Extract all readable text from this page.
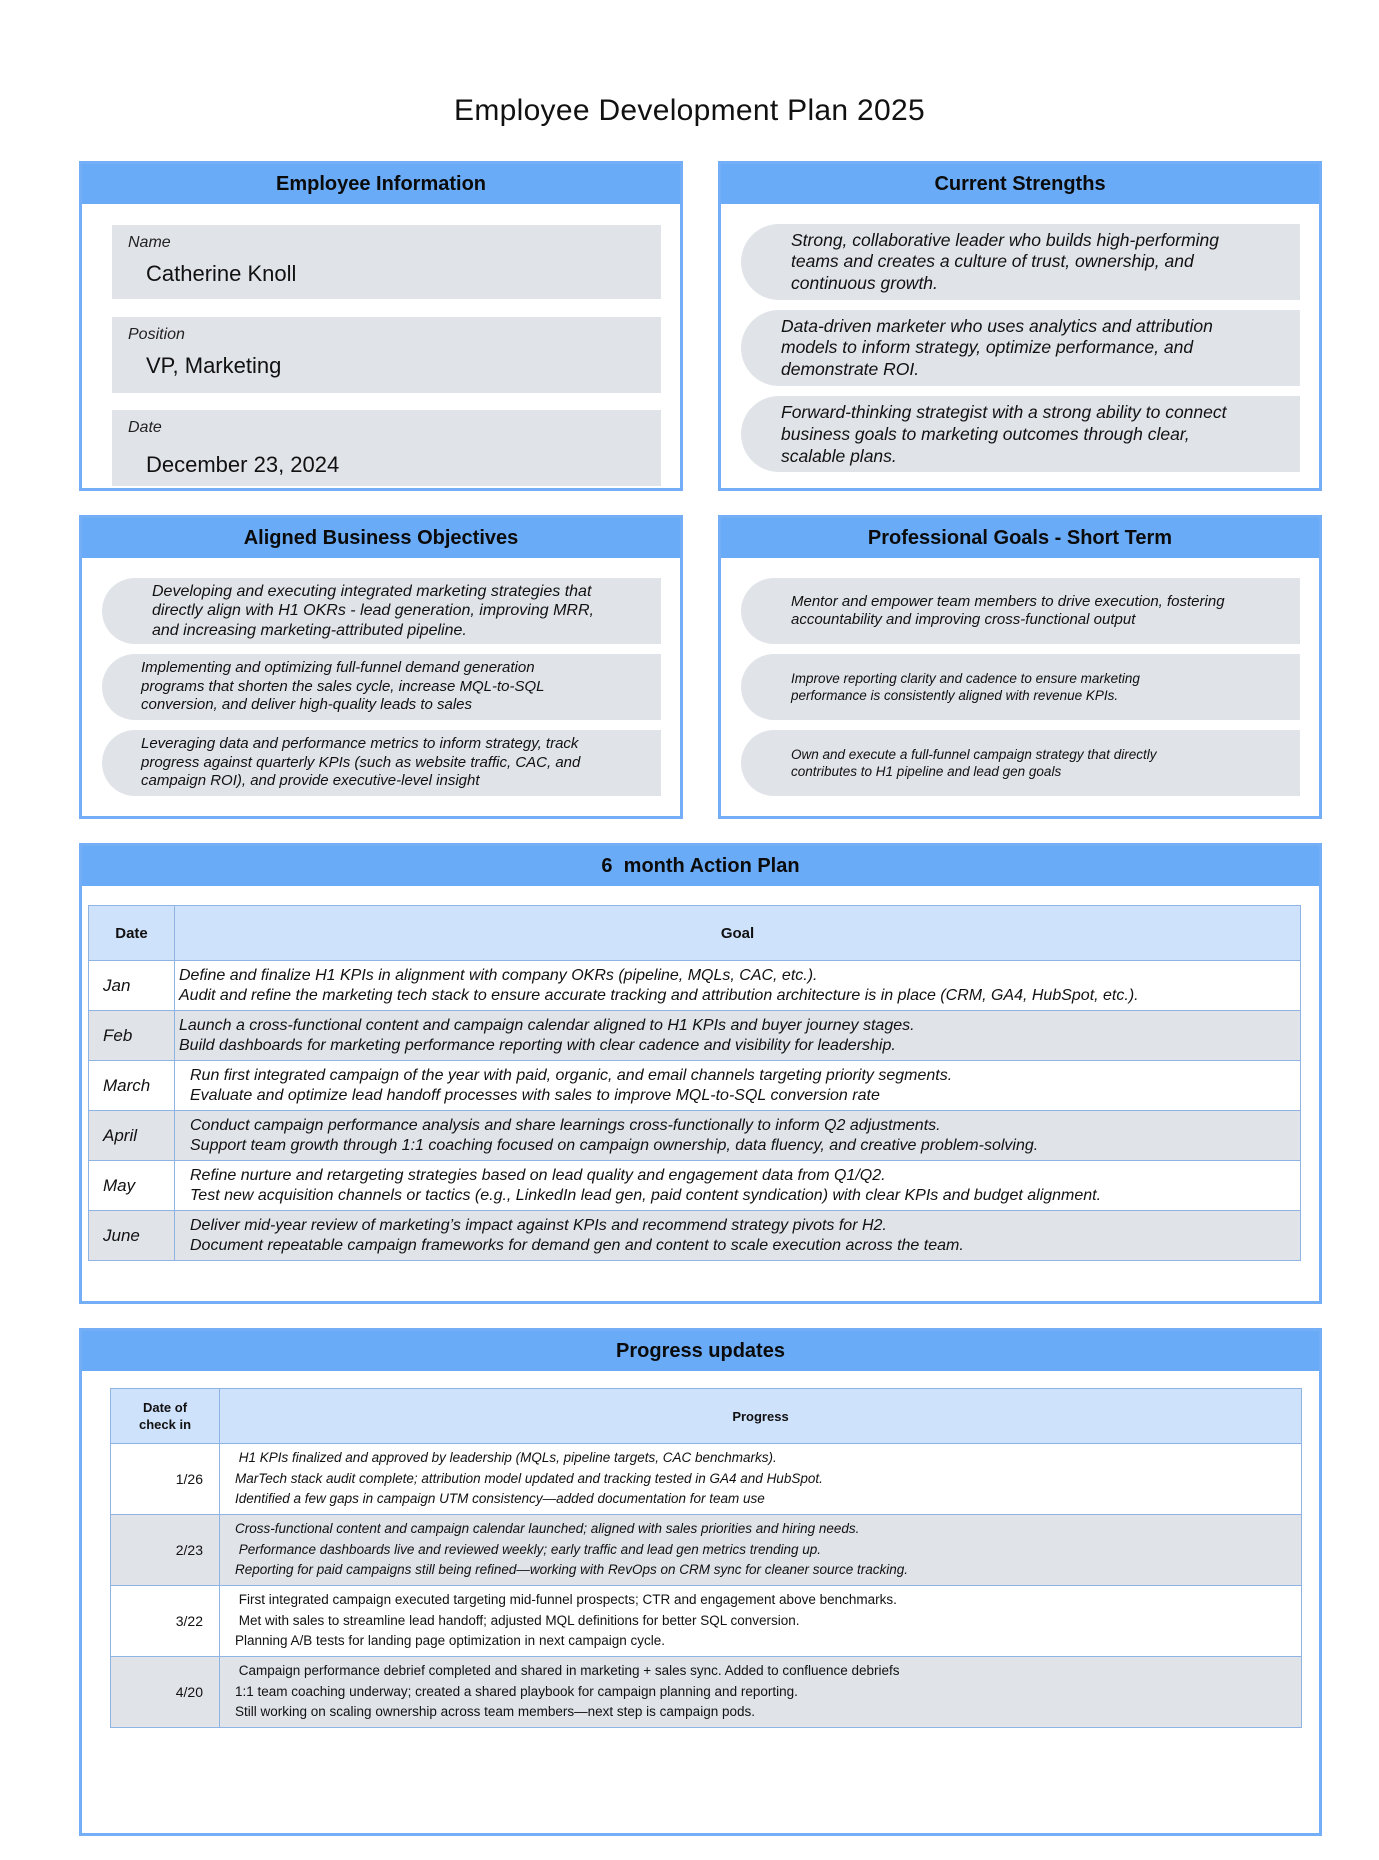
Employee Development Plan 2025
Employee Information
Name
Catherine Knoll
Position
VP, Marketing
Date
December 23, 2024
Current Strengths
Strong, collaborative leader who builds high-performing
teams and creates a culture of trust, ownership, and
continuous growth.
Data-driven marketer who uses analytics and attribution
models to inform strategy, optimize performance, and
demonstrate ROI.
Forward-thinking strategist with a strong ability to connect
business goals to marketing outcomes through clear,
scalable plans.
Aligned Business Objectives
Developing and executing integrated marketing strategies that
directly align with H1 OKRs - lead generation, improving MRR,
and increasing marketing-attributed pipeline.
Implementing and optimizing full-funnel demand generation
programs that shorten the sales cycle, increase MQL-to-SQL
conversion, and deliver high-quality leads to sales
Leveraging data and performance metrics to inform strategy, track
progress against quarterly KPIs (such as website traffic, CAC, and
campaign ROI), and provide executive-level insight
Professional Goals - Short Term
Mentor and empower team members to drive execution, fostering
accountability and improving cross-functional output
Improve reporting clarity and cadence to ensure marketing
performance is consistently aligned with revenue KPIs.
Own and execute a full-funnel campaign strategy that directly
contributes to H1 pipeline and lead gen goals
6  month Action Plan
Date	Goal
Jan	Define and finalize H1 KPIs in alignment with company OKRs (pipeline, MQLs, CAC, etc.).
Audit and refine the marketing tech stack to ensure accurate tracking and attribution architecture is in place (CRM, GA4, HubSpot, etc.).

Feb	Launch a cross-functional content and campaign calendar aligned to H1 KPIs and buyer journey stages.
Build dashboards for marketing performance reporting with clear cadence and visibility for leadership.

March	Run first integrated campaign of the year with paid, organic, and email channels targeting priority segments.
Evaluate and optimize lead handoff processes with sales to improve MQL-to-SQL conversion rate

April	Conduct campaign performance analysis and share learnings cross-functionally to inform Q2 adjustments.
Support team growth through 1:1 coaching focused on campaign ownership, data fluency, and creative problem-solving.

May	Refine nurture and retargeting strategies based on lead quality and engagement data from Q1/Q2.
Test new acquisition channels or tactics (e.g., LinkedIn lead gen, paid content syndication) with clear KPIs and budget alignment.

June	Deliver mid-year review of marketing’s impact against KPIs and recommend strategy pivots for H2.
Document repeatable campaign frameworks for demand gen and content to scale execution across the team.
Progress updates
Date of
check in	Progress
1/26	H1 KPIs finalized and approved by leadership (MQLs, pipeline targets, CAC benchmarks).
MarTech stack audit complete; attribution model updated and tracking tested in GA4 and HubSpot.
Identified a few gaps in campaign UTM consistency—added documentation for team use

2/23	Cross-functional content and campaign calendar launched; aligned with sales priorities and hiring needs.
Performance dashboards live and reviewed weekly; early traffic and lead gen metrics trending up.
Reporting for paid campaigns still being refined—working with RevOps on CRM sync for cleaner source tracking.

3/22	First integrated campaign executed targeting mid-funnel prospects; CTR and engagement above benchmarks.
Met with sales to streamline lead handoff; adjusted MQL definitions for better SQL conversion.
Planning A/B tests for landing page optimization in next campaign cycle.

4/20	Campaign performance debrief completed and shared in marketing + sales sync. Added to confluence debriefs
1:1 team coaching underway; created a shared playbook for campaign planning and reporting.
Still working on scaling ownership across team members—next step is campaign pods.
